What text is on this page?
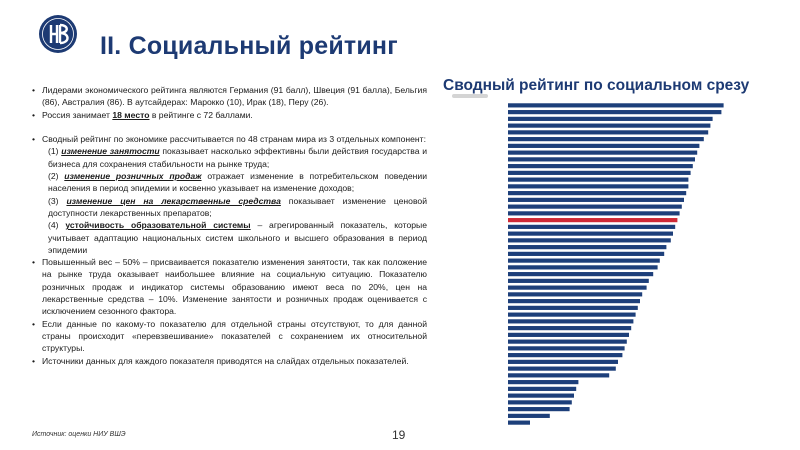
II. Социальный рейтинг
Сводный рейтинг по социальном срезу
• Лидерами экономического рейтинга являются Германия (91 балл), Швеция (91 балла), Бельгия (86), Австралия (86). В аутсайдерах: Марокко (10), Ирак (18), Перу (26).
• Россия занимает 18 место в рейтинге с 72 баллами.
• Сводный рейтинг по экономике рассчитывается по 48 странам мира из 3 отдельных компонент:
(1) изменение занятости показывает насколько эффективны были действия государства и бизнеса для сохранения стабильности на рынке труда;
(2) изменение розничных продаж отражает изменение в потребительском поведении населения в период эпидемии и косвенно указывает на изменение доходов;
(3) изменение цен на лекарственные средства показывает изменение ценовой доступности лекарственных препаратов;
(4) устойчивость образовательной системы – агрегированный показатель, которые учитывает адаптацию национальных систем школьного и высшего образования в период эпидемии
• Повышенный вес – 50% – присваивается показателю изменения занятости, так как положение на рынке труда оказывает наибольшее влияние на социальную ситуацию. Показателю розничных продаж и индикатор системы образованию имеют веса по 20%, цен на лекарственные средства – 10%. Изменение занятости и розничных продаж оценивается с исключением сезонного фактора.
• Если данные по какому-то показателю для отдельной страны отсутствуют, то для данной страны происходит «перевзвешивание» показателей с сохранением их относительной структуры.
• Источники данных для каждого показателя приводятся на слайдах отдельных показателей.
Источник: оценки НИУ ВШЭ	19
